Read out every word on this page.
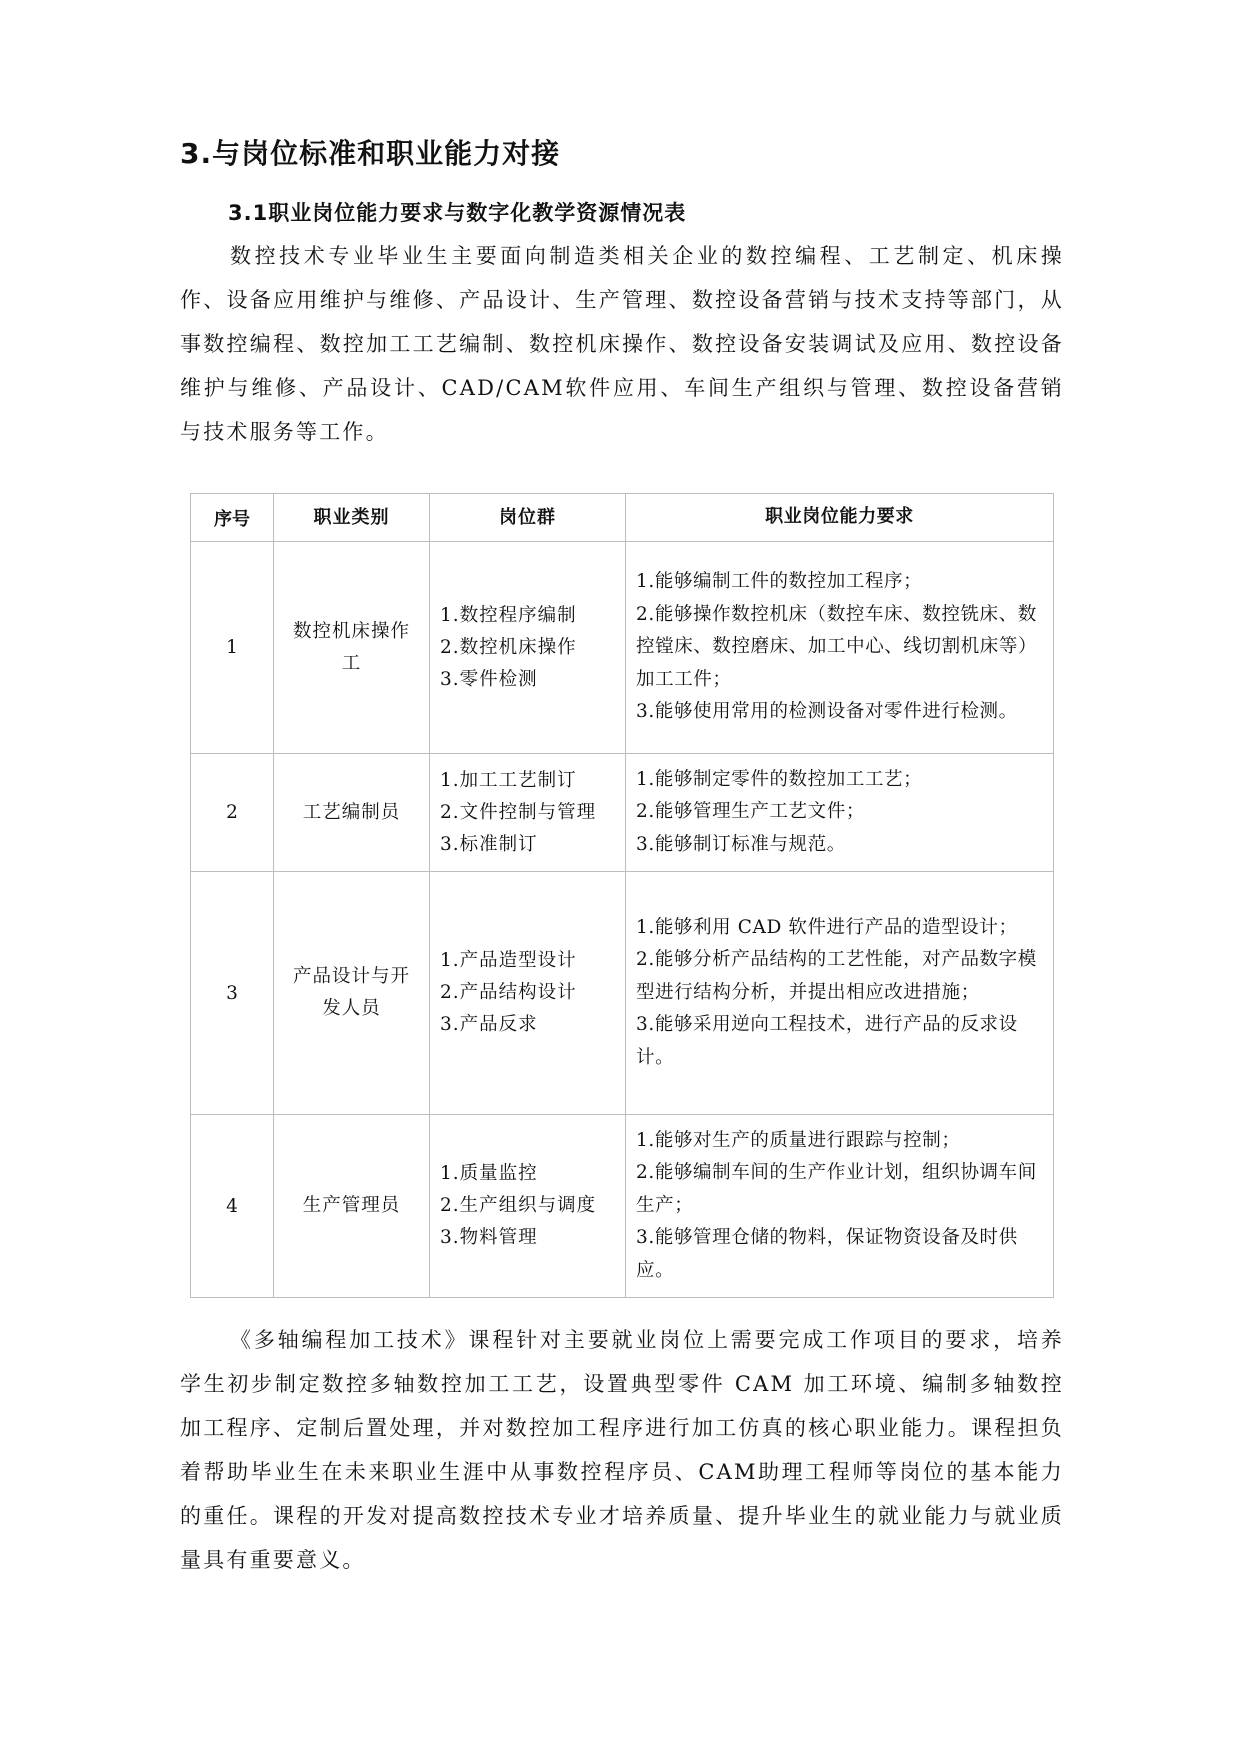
3.与岗位标准和职业能力对接
3.1职业岗位能力要求与数字化教学资源情况表

数控技术专业毕业生主要面向制造类相关企业的数控编程、工艺制定、机床操作、设备应用维护与维修、产品设计、生产管理、数控设备营销与技术支持等部门，从事数控编程、数控加工工艺编制、数控机床操作、数控设备安装调试及应用、数控设备维护与维修、产品设计、CAD/CAM软件应用、车间生产组织与管理、数控设备营销与技术服务等工作。

序号	职业类别	岗位群	职业岗位能力要求
1	数控机床操作工	1.数控程序编制
2.数控机床操作
3.零件检测	1.能够编制工件的数控加工程序；
2.能够操作数控机床（数控车床、数控铣床、数控镗床、数控磨床、加工中心、线切割机床等）加工工件；
3.能够使用常用的检测设备对零件进行检测。

2	工艺编制员	1.加工工艺制订
2.文件控制与管理
3.标准制订	1.能够制定零件的数控加工工艺；
2.能够管理生产工艺文件；
3.能够制订标准与规范。

3	产品设计与开发人员	1.产品造型设计
2.产品结构设计
3.产品反求	1.能够利用 CAD 软件进行产品的造型设计；
2.能够分析产品结构的工艺性能，对产品数字模型进行结构分析，并提出相应改进措施；
3.能够采用逆向工程技术，进行产品的反求设计。

4	生产管理员	1.质量监控
2.生产组织与调度
3.物料管理	1.能够对生产的质量进行跟踪与控制；
2.能够编制车间的生产作业计划，组织协调车间生产；
3.能够管理仓储的物料，保证物资设备及时供应。

《多轴编程加工技术》课程针对主要就业岗位上需要完成工作项目的要求，培养学生初步制定数控多轴数控加工工艺，设置典型零件 CAM 加工环境、编制多轴数控加工程序、定制后置处理，并对数控加工程序进行加工仿真的核心职业能力。课程担负着帮助毕业生在未来职业生涯中从事数控程序员、CAM助理工程师等岗位的基本能力的重任。课程的开发对提高数控技术专业才培养质量、提升毕业生的就业能力与就业质量具有重要意义。
